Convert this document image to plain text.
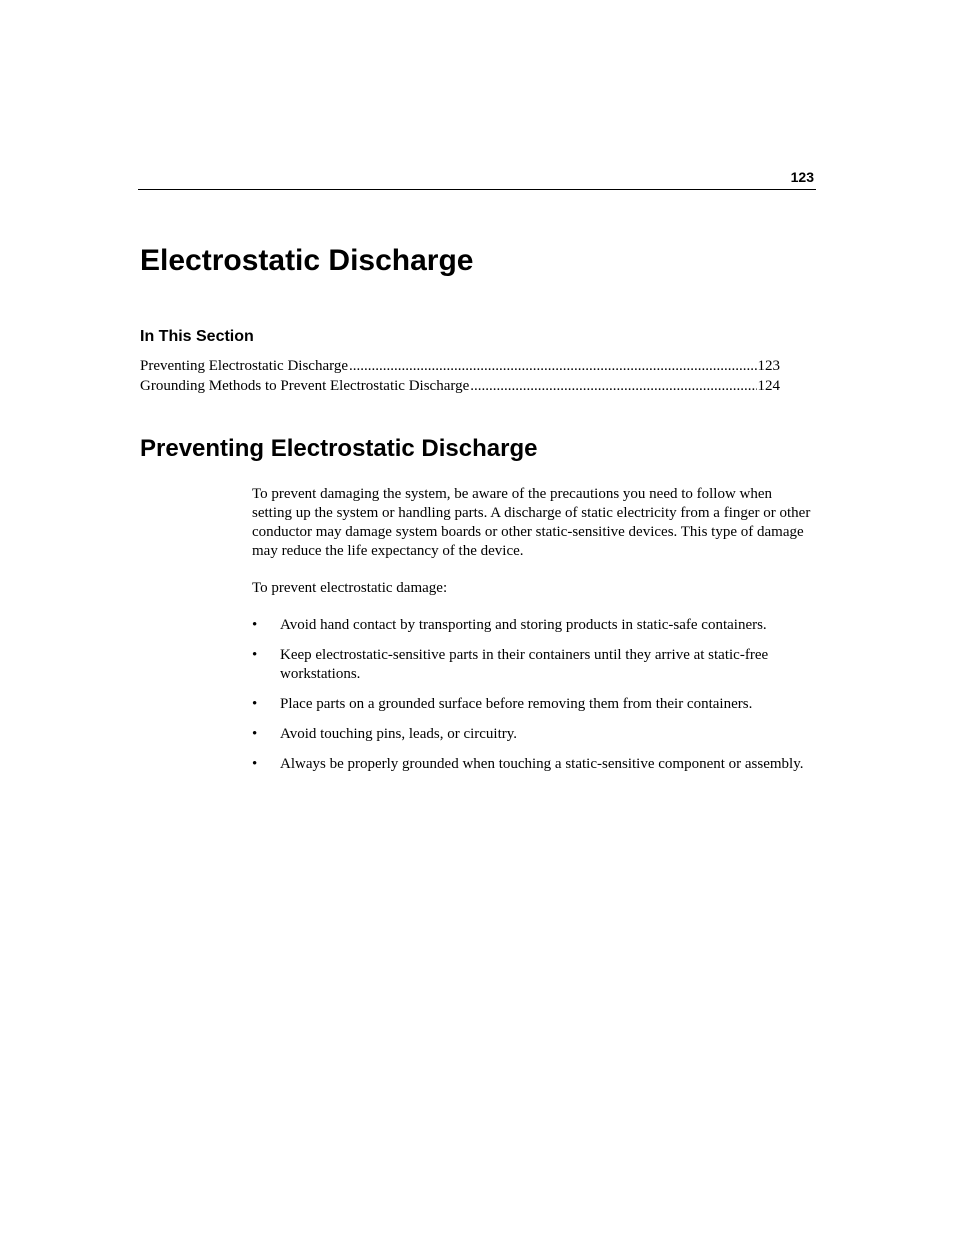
123
Electrostatic Discharge
In This Section
Preventing Electrostatic Discharge .....	123
Grounding Methods to Prevent Electrostatic Discharge .....	124
Preventing Electrostatic Discharge

To prevent damaging the system, be aware of the precautions you need to follow when setting up the system or handling parts. A discharge of static electricity from a finger or other conductor may damage system boards or other static-sensitive devices. This type of damage may reduce the life expectancy of the device.

To prevent electrostatic damage:

• Avoid hand contact by transporting and storing products in static-safe containers.
• Keep electrostatic-sensitive parts in their containers until they arrive at static-free workstations.
• Place parts on a grounded surface before removing them from their containers.
• Avoid touching pins, leads, or circuitry.
• Always be properly grounded when touching a static-sensitive component or assembly.
